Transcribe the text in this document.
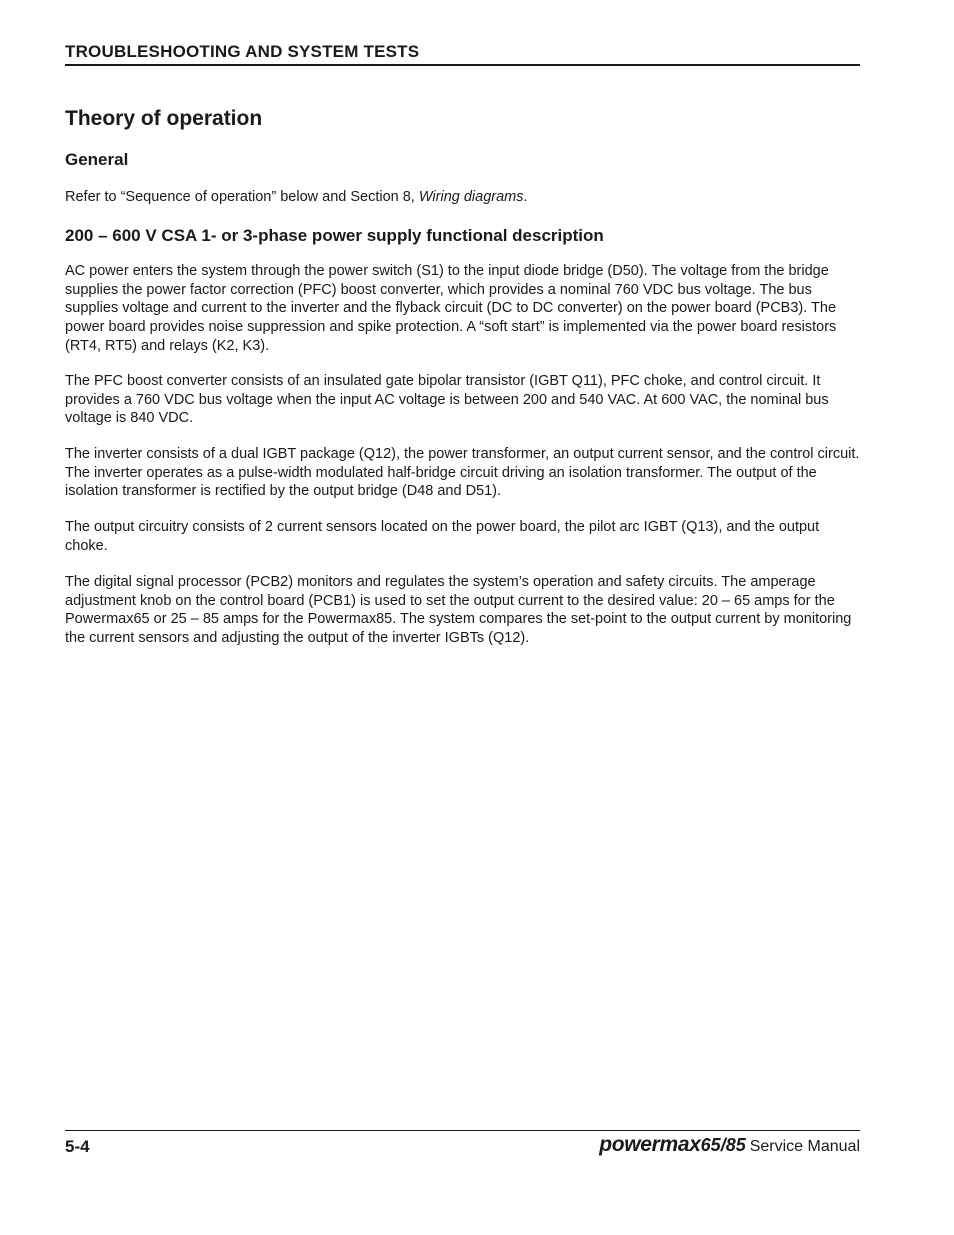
TROUBLESHOOTING AND SYSTEM TESTS
Theory of operation
General

Refer to “Sequence of operation” below and Section 8, Wiring diagrams.

200 – 600 V CSA 1- or 3-phase power supply functional description

AC power enters the system through the power switch (S1) to the input diode bridge (D50). The voltage from the bridge supplies the power factor correction (PFC) boost converter, which provides a nominal 760 VDC bus voltage. The bus supplies voltage and current to the inverter and the flyback circuit (DC to DC converter) on the power board (PCB3). The power board provides noise suppression and spike protection. A “soft start” is implemented via the power board resistors (RT4, RT5) and relays (K2, K3).

The PFC boost converter consists of an insulated gate bipolar transistor (IGBT Q11), PFC choke, and control circuit. It provides a 760 VDC bus voltage when the input AC voltage is between 200 and 540 VAC. At 600 VAC, the nominal bus voltage is 840 VDC.

The inverter consists of a dual IGBT package (Q12), the power transformer, an output current sensor, and the control circuit. The inverter operates as a pulse-width modulated half-bridge circuit driving an isolation transformer. The output of the isolation transformer is rectified by the output bridge (D48 and D51).

The output circuitry consists of 2 current sensors located on the power board, the pilot arc IGBT (Q13), and the output choke.

The digital signal processor (PCB2) monitors and regulates the system’s operation and safety circuits. The amperage adjustment knob on the control board (PCB1) is used to set the output current to the desired value: 20 – 65 amps for the Powermax65 or 25 – 85 amps for the Powermax85. The system compares the set-point to the output current by monitoring the current sensors and adjusting the output of the inverter IGBTs (Q12).

5-4	powermax65/85 Service Manual
